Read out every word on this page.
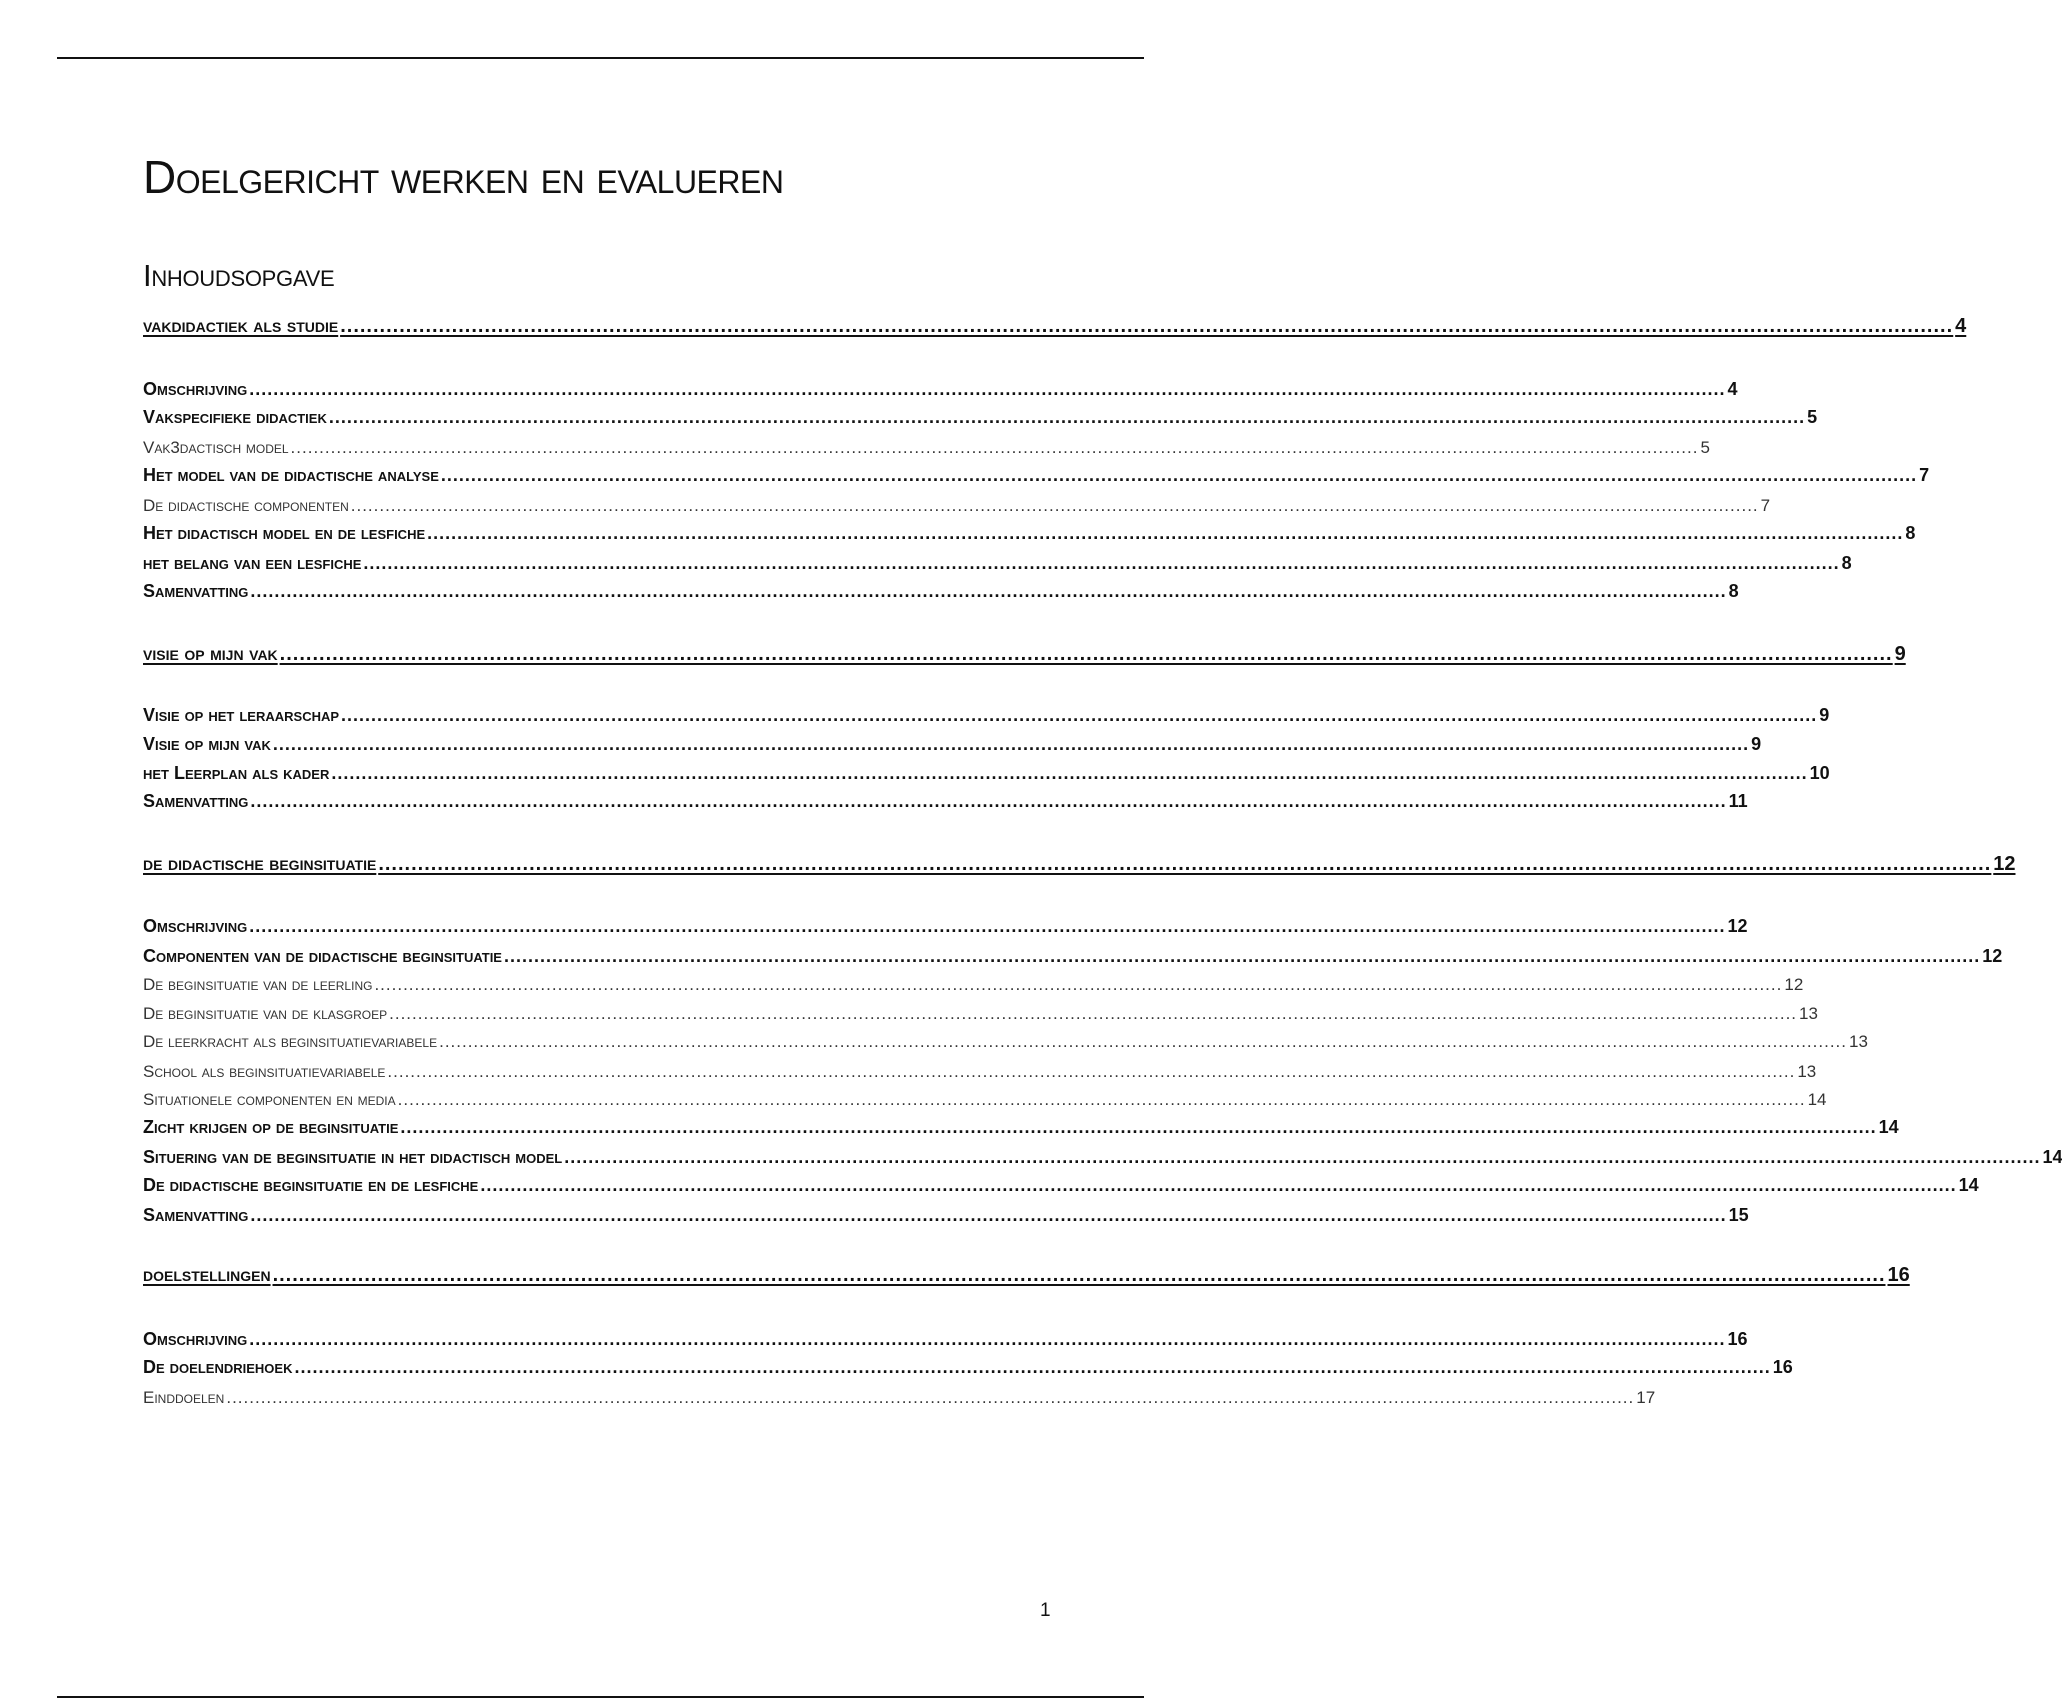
Doelgericht werken en evalueren
Inhoudsopgave
vakdidactiek als studie ...................................................................................................................................................................................................................................................... 4
Omschrijving ...................................................................................................................................................................................................................................................... 4
Vakspecifieke didactiek ...................................................................................................................................................................................................................................................... 5
Vak3dactisch model ...................................................................................................................................................................................................................................................... 5
Het model van de didactische analyse ...................................................................................................................................................................................................................................................... 7
De didactische componenten ...................................................................................................................................................................................................................................................... 7
Het didactisch model en de lesfiche ...................................................................................................................................................................................................................................................... 8
het belang van een lesfiche ...................................................................................................................................................................................................................................................... 8
Samenvatting ...................................................................................................................................................................................................................................................... 8
visie op mijn vak ...................................................................................................................................................................................................................................................... 9
Visie op het leraarschap ...................................................................................................................................................................................................................................................... 9
Visie op mijn vak ...................................................................................................................................................................................................................................................... 9
het Leerplan als kader ...................................................................................................................................................................................................................................................... 10
Samenvatting ...................................................................................................................................................................................................................................................... 11
de didactische beginsituatie ...................................................................................................................................................................................................................................................... 12
Omschrijving ...................................................................................................................................................................................................................................................... 12
Componenten van de didactische beginsituatie ...................................................................................................................................................................................................................................................... 12
De beginsituatie van de leerling ...................................................................................................................................................................................................................................................... 12
De beginsituatie van de klasgroep ...................................................................................................................................................................................................................................................... 13
De leerkracht als beginsituatievariabele ...................................................................................................................................................................................................................................................... 13
School als beginsituatievariabele ...................................................................................................................................................................................................................................................... 13
Situationele componenten en media ...................................................................................................................................................................................................................................................... 14
Zicht krijgen op de beginsituatie ...................................................................................................................................................................................................................................................... 14
Situering van de beginsituatie in het didactisch model ...................................................................................................................................................................................................................................................... 14
De didactische beginsituatie en de lesfiche ...................................................................................................................................................................................................................................................... 14
Samenvatting ...................................................................................................................................................................................................................................................... 15
doelstellingen ...................................................................................................................................................................................................................................................... 16
Omschrijving ...................................................................................................................................................................................................................................................... 16
De doelendriehoek ...................................................................................................................................................................................................................................................... 16
Einddoelen ...................................................................................................................................................................................................................................................... 17
1
